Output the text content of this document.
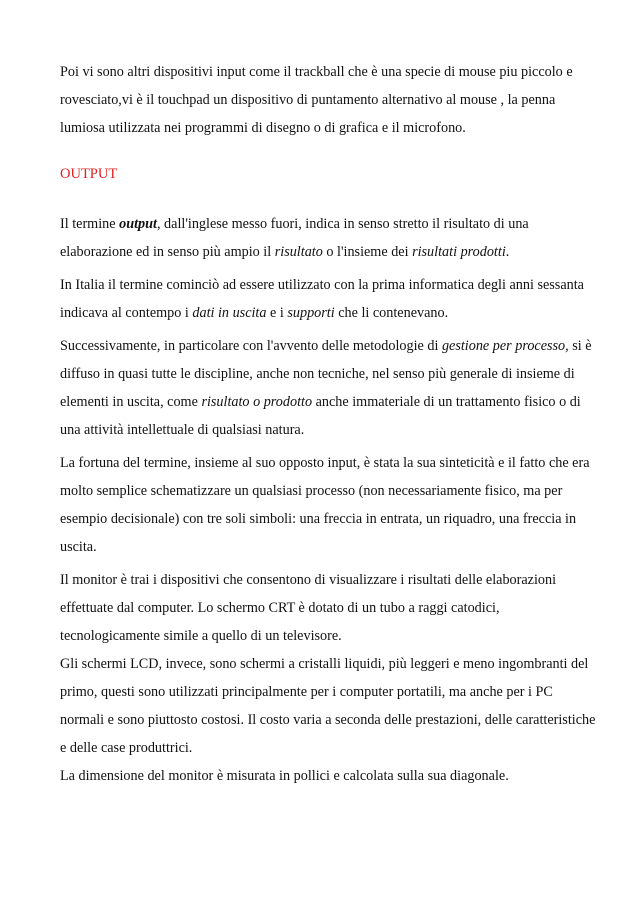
Poi vi sono altri dispositivi input come il trackball che è una specie di mouse piu piccolo e rovesciato,vi è il touchpad un dispositivo di puntamento alternativo al mouse , la penna lumiosa utilizzata nei programmi di disegno o di grafica e il microfono.

OUTPUT

Il termine output, dall'inglese messo fuori, indica in senso stretto il risultato di una elaborazione ed in senso più ampio il risultato o l'insieme dei risultati prodotti.

In Italia il termine cominciò ad essere utilizzato con la prima informatica degli anni sessanta indicava al contempo i dati in uscita e i supporti che li contenevano.

Successivamente, in particolare con l'avvento delle metodologie di gestione per processo, si è diffuso in quasi tutte le discipline, anche non tecniche, nel senso più generale di insieme di elementi in uscita, come risultato o prodotto anche immateriale di un trattamento fisico o di una attività intellettuale di qualsiasi natura.

La fortuna del termine, insieme al suo opposto input, è stata la sua sinteticità e il fatto che era molto semplice schematizzare un qualsiasi processo (non necessariamente fisico, ma per esempio decisionale) con tre soli simboli: una freccia in entrata, un riquadro, una freccia in uscita.

Il monitor è trai i dispositivi che consentono di visualizzare i risultati delle elaborazioni effettuate dal computer. Lo schermo CRT è dotato di un tubo a raggi catodici, tecnologicamente simile a quello di un televisore.

Gli schermi LCD, invece, sono schermi a cristalli liquidi, più leggeri e meno ingombranti del primo, questi sono utilizzati principalmente per i computer portatili, ma anche per i PC normali e sono piuttosto costosi. Il costo varia a seconda delle prestazioni, delle caratteristiche e delle case produttrici.

La dimensione del monitor è misurata in pollici e calcolata sulla sua diagonale.
